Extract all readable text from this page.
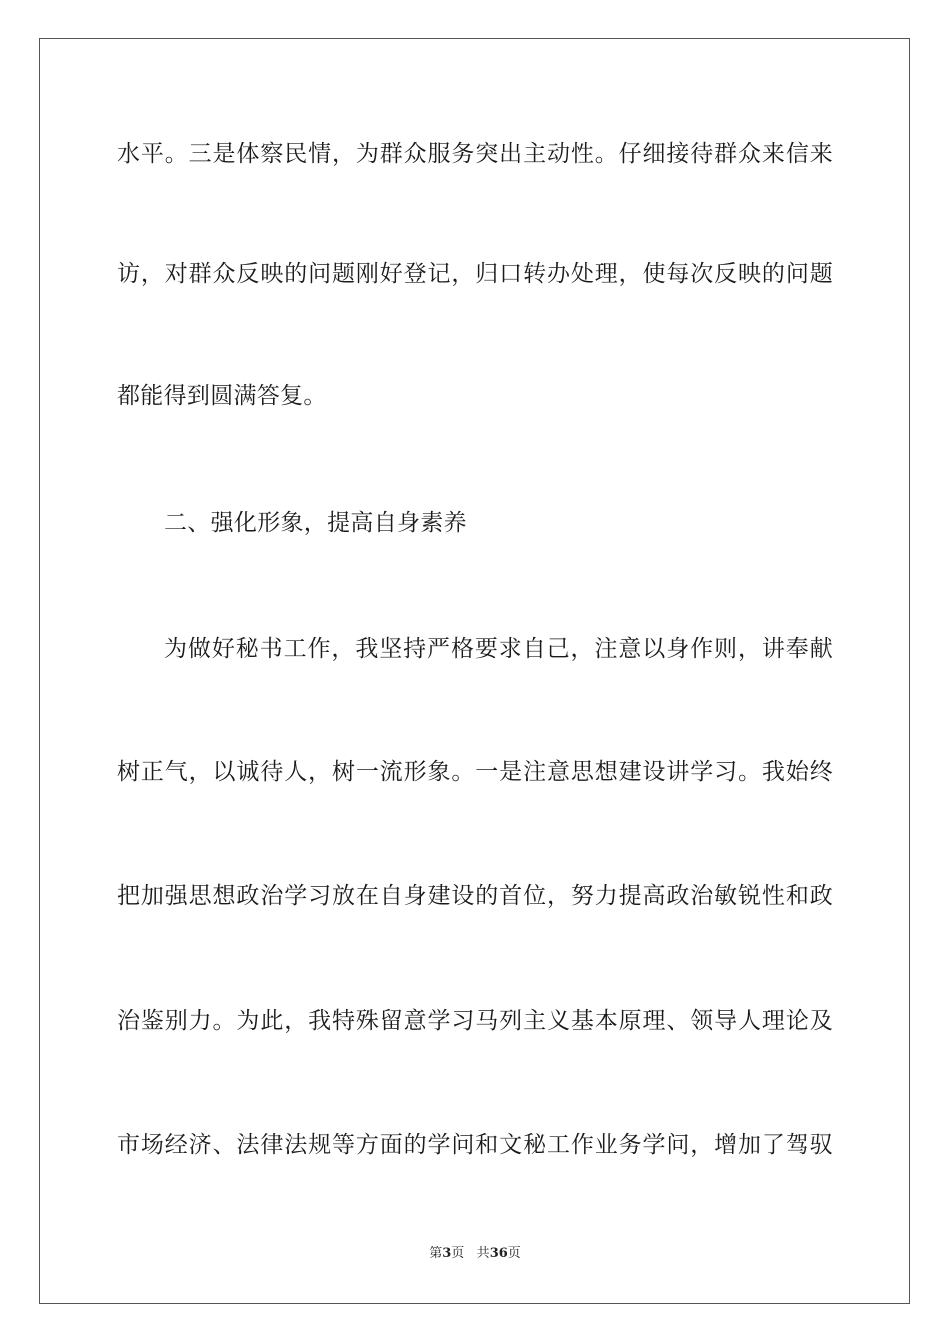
水平。三是体察民情，为群众服务突出主动性。仔细接待群众来信来
访，对群众反映的问题刚好登记，归口转办处理，使每次反映的问题
都能得到圆满答复。
二、强化形象，提高自身素养
为做好秘书工作，我坚持严格要求自己，注意以身作则，讲奉献
树正气，以诚待人，树一流形象。一是注意思想建设讲学习。我始终
把加强思想政治学习放在自身建设的首位，努力提高政治敏锐性和政
治鉴别力。为此，我特殊留意学习马列主义基本原理、领导人理论及
市场经济、法律法规等方面的学问和文秘工作业务学问，增加了驾驭
第3页 共36页
